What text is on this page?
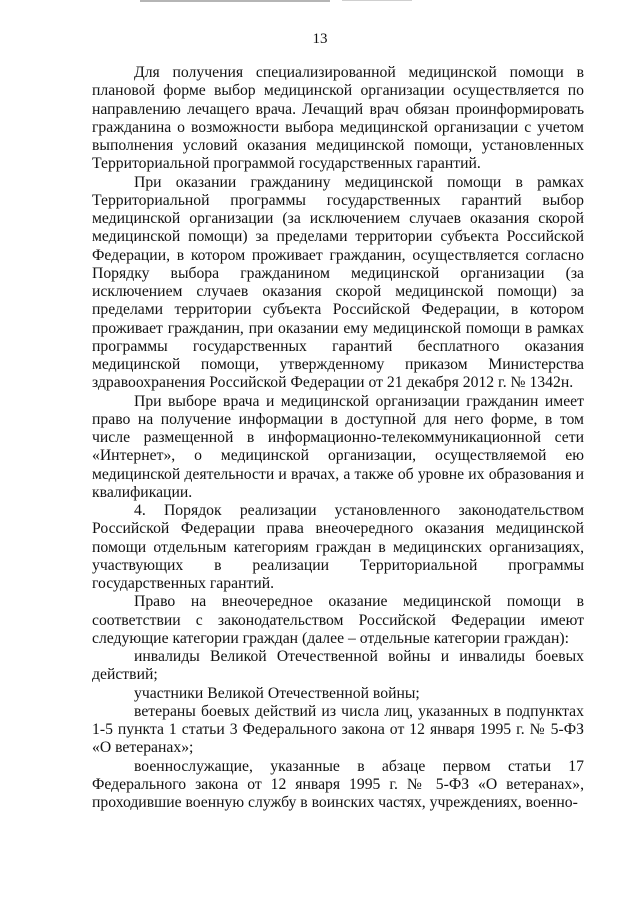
13

Для получения специализированной медицинской помощи в плановой форме выбор медицинской организации осуществляется по направлению лечащего врача. Лечащий врач обязан проинформировать гражданина о возможности выбора медицинской организации с учетом выполнения условий оказания медицинской помощи, установленных Территориальной программой государственных гарантий.

При оказании гражданину медицинской помощи в рамках Территориальной программы государственных гарантий выбор медицинской организации (за исключением случаев оказания скорой медицинской помощи) за пределами территории субъекта Российской Федерации, в котором проживает гражданин, осуществляется согласно Порядку выбора гражданином медицинской организации (за исключением случаев оказания скорой медицинской помощи) за пределами территории субъекта Российской Федерации, в котором проживает гражданин, при оказании ему медицинской помощи в рамках программы государственных гарантий бесплатного оказания медицинской помощи, утвержденному приказом Министерства здравоохранения Российской Федерации от 21 декабря 2012 г. № 1342н.

При выборе врача и медицинской организации гражданин имеет право на получение информации в доступной для него форме, в том числе размещенной в информационно-телекоммуникационной сети «Интернет», о медицинской организации, осуществляемой ею медицинской деятельности и врачах, а также об уровне их образования и квалификации.

4. Порядок реализации установленного законодательством Российской Федерации права внеочередного оказания медицинской помощи отдельным категориям граждан в медицинских организациях, участвующих в реализации Территориальной программы государственных гарантий.

Право на внеочередное оказание медицинской помощи в соответствии с законодательством Российской Федерации имеют следующие категории граждан (далее – отдельные категории граждан):

инвалиды Великой Отечественной войны и инвалиды боевых действий;

участники Великой Отечественной войны;

ветераны боевых действий из числа лиц, указанных в подпунктах 1-5 пункта 1 статьи 3 Федерального закона от 12 января 1995 г. № 5-ФЗ «О ветеранах»;

военнослужащие, указанные в абзаце первом статьи 17 Федерального закона от 12 января 1995 г. № 5-ФЗ «О ветеранах», проходившие военную службу в воинских частях, учреждениях, военно-
